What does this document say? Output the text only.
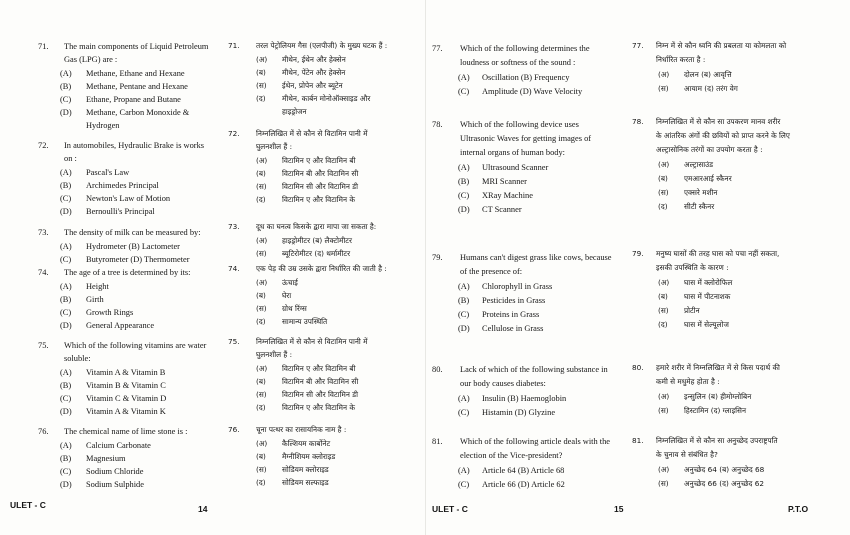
71. The main components of Liquid Petroleum
Gas (LPG) are :
(A) Methane, Ethane and Hexane
(B) Methane, Pentane and Hexane
(C) Ethane, Propane and Butane
(D) Methane, Carbon Monoxide &
Hydrogen
72. In automobiles, Hydraulic Brake is works
on :
(A) Pascal's Law
(B) Archimedes Principal
(C) Newton's Law of Motion
(D) Bernoulli's Principal
73. The density of milk can be measured by:
(A) Hydrometer (B) Lactometer
(C) Butyrometer (D) Thermometer
74. The age of a tree is determined by its:
(A) Height
(B) Girth
(C) Growth Rings
(D) General Appearance
75. Which of the following vitamins are water
soluble:
(A) Vitamin A & Vitamin B
(B) Vitamin B & Vitamin C
(C) Vitamin C & Vitamin D
(D) Vitamin A & Vitamin K
76. The chemical name of lime stone is :
(A) Calcium Carbonate
(B) Magnesium
(C) Sodium Chloride
(D) Sodium Sulphide
71. तरल पेट्रोलियम गैस (एलपीजी) के मुख्य घटक हैं :
(अ) मीथेन, ईथेन और हेक्सेन
(ब) मीथेन, पेंटेन और हेक्सेन
(स) ईथेन, प्रोपेन और ब्यूटेन
(द) मीथेन, कार्बन मोनोऑक्साइड और
हाइड्रोजन
72. निम्नलिखित में से कौन से विटामिन पानी में
घुलनशील हैं :
(अ) विटामिन ए और विटामिन बी
(ब) विटामिन बी और विटामिन सी
(स) विटामिन सी और विटामिन डी
(द) विटामिन ए और विटामिन के
73. दूध का घनत्व किसके द्वारा मापा जा सकता है:
(अ) हाइड्रोमीटर (ब) लैक्टोमीटर
(स) ब्यूटिरोमीटर (द) थर्मामीटर
74. एक पेड़ की उम्र उसके द्वारा निर्धारित की जाती है :
(अ) ऊंचाई
(ब) घेरा
(स) ग्रोथ रिंग्स
(द) सामान्य उपस्थिति
75. निम्नलिखित में से कौन से विटामिन पानी में
घुलनशील हैं :
(अ) विटामिन ए और विटामिन बी
(ब) विटामिन बी और विटामिन सी
(स) विटामिन सी और विटामिन डी
(द) विटामिन ए और विटामिन के
76. चूना पत्थर का रासायनिक नाम है :
(अ) कैल्शियम कार्बोनेट
(ब) मैग्नीशियम क्लोराइड
(स) सोडियम क्लोराइड
(द) सोडियम सल्फाइड
ULET - C	14
77. Which of the following determines the
loudness or softness of the sound :
(A) Oscillation (B) Frequency
(C) Amplitude (D) Wave Velocity
78. Which of the following device uses
Ultrasonic Waves for getting images of
internal organs of human body:
(A) Ultrasound Scanner
(B) MRI Scanner
(C) XRay Machine
(D) CT Scanner
79. Humans can't digest grass like cows, because
of the presence of:
(A) Chlorophyll in Grass
(B) Pesticides in Grass
(C) Proteins in Grass
(D) Cellulose in Grass
80. Lack of which of the following substance in
our body causes diabetes:
(A) Insulin (B) Haemoglobin
(C) Histamin (D) Glyzine
81. Which of the following article deals with the
election of the Vice-president?
(A) Article 64 (B) Article 68
(C) Article 66 (D) Article 62
77. निम्न में से कौन ध्वनि की प्रबलता या कोमलता को
निर्धारित करता है :
(अ) दोलन (ब) आवृत्ति
(स) आयाम (द) तरंग वेग
78. निम्नलिखित में से कौन सा उपकरण मानव शरीर
के आंतरिक अंगों की छवियों को प्राप्त करने के लिए
अल्ट्रासोनिक तरंगों का उपयोग करता है :
(अ) अल्ट्रासाउंड
(ब) एमआरआई स्कैनर
(स) एक्सरे मशीन
(द) सीटी स्कैनर
79. मनुष्य घासों की तरह घास को पचा नहीं सकता,
इसकी उपस्थिति के कारण :
(अ) घास में क्लोरोफिल
(ब) घास में पीटनाशक
(स) प्रोटीन
(द) घास में सेल्यूलोज
80. हमारे शरीर में निम्नलिखित में से किस पदार्थ की
कमी से मधुमेह होता है :
(अ) इन्सुलिन (ब) हीमोग्लोबिन
(स) हिस्टामिन (द) ग्लाइसिन
81. निम्नलिखित में से कौन सा अनुच्छेद उपराष्ट्रपति
के चुनाव से संबंधित है?
(अ) अनुच्छेद 64 (ब) अनुच्छेद 68
(स) अनुच्छेद 66 (द) अनुच्छेद 62
ULET - C	15	P.T.O
